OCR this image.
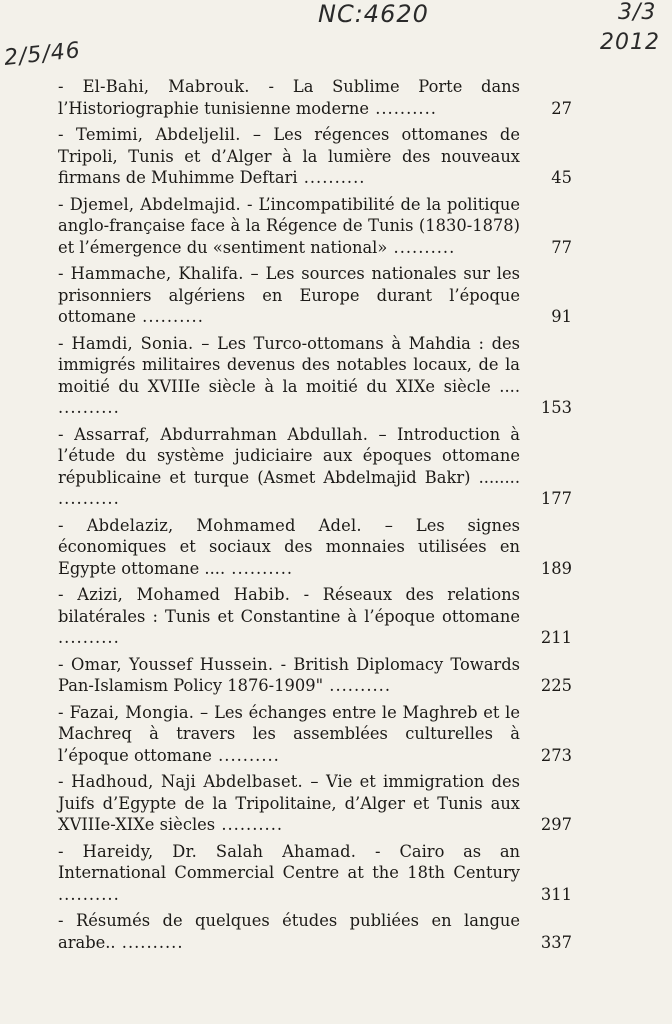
NC:4620	3/3
2012
2/5/46
- El-Bahi, Mabrouk. - La Sublime Porte dans l’Historiographie tunisienne moderne ..........	27
- Temimi, Abdeljelil. – Les régences ottomanes de Tripoli, Tunis et d’Alger à la lumière des nouveaux firmans de Muhimme Deftari ..........	45
- Djemel, Abdelmajid. - L’incompatibilité de la politique anglo-française face à la Régence de Tunis (1830-1878) et l’émergence du «sentiment national» ..........	77
- Hammache, Khalifa. – Les sources nationales sur les prisonniers algériens en Europe durant l’époque ottomane ..........	91
- Hamdi, Sonia. – Les Turco-ottomans à Mahdia : des immigrés militaires devenus des notables locaux, de la moitié du XVIIIe siècle à la moitié du XIXe siècle .... ..........	153
- Assarraf, Abdurrahman Abdullah. – Introduction à l’étude du système judiciaire aux époques ottomane républicaine et turque (Asmet Abdelmajid Bakr) ........ ..........	177
- Abdelaziz, Mohmamed Adel. – Les signes économiques et sociaux des monnaies utilisées en Egypte ottomane .... ..........	189
- Azizi, Mohamed Habib. - Réseaux des relations bilatérales : Tunis et Constantine à l’époque ottomane ..........	211
- Omar, Youssef Hussein. - British Diplomacy Towards Pan-Islamism Policy 1876-1909" ..........	225
- Fazai, Mongia. – Les échanges entre le Maghreb et le Machreq à travers les assemblées culturelles à l’époque ottomane ..........	273
- Hadhoud, Naji Abdelbaset. – Vie et immigration des Juifs d’Egypte de la Tripolitaine, d’Alger et Tunis aux XVIIIe-XIXe siècles ..........	297
- Hareidy, Dr. Salah Ahamad. - Cairo as an International Commercial Centre at the 18th Century ..........	311
- Résumés de quelques études publiées en langue arabe.. ..........	337
